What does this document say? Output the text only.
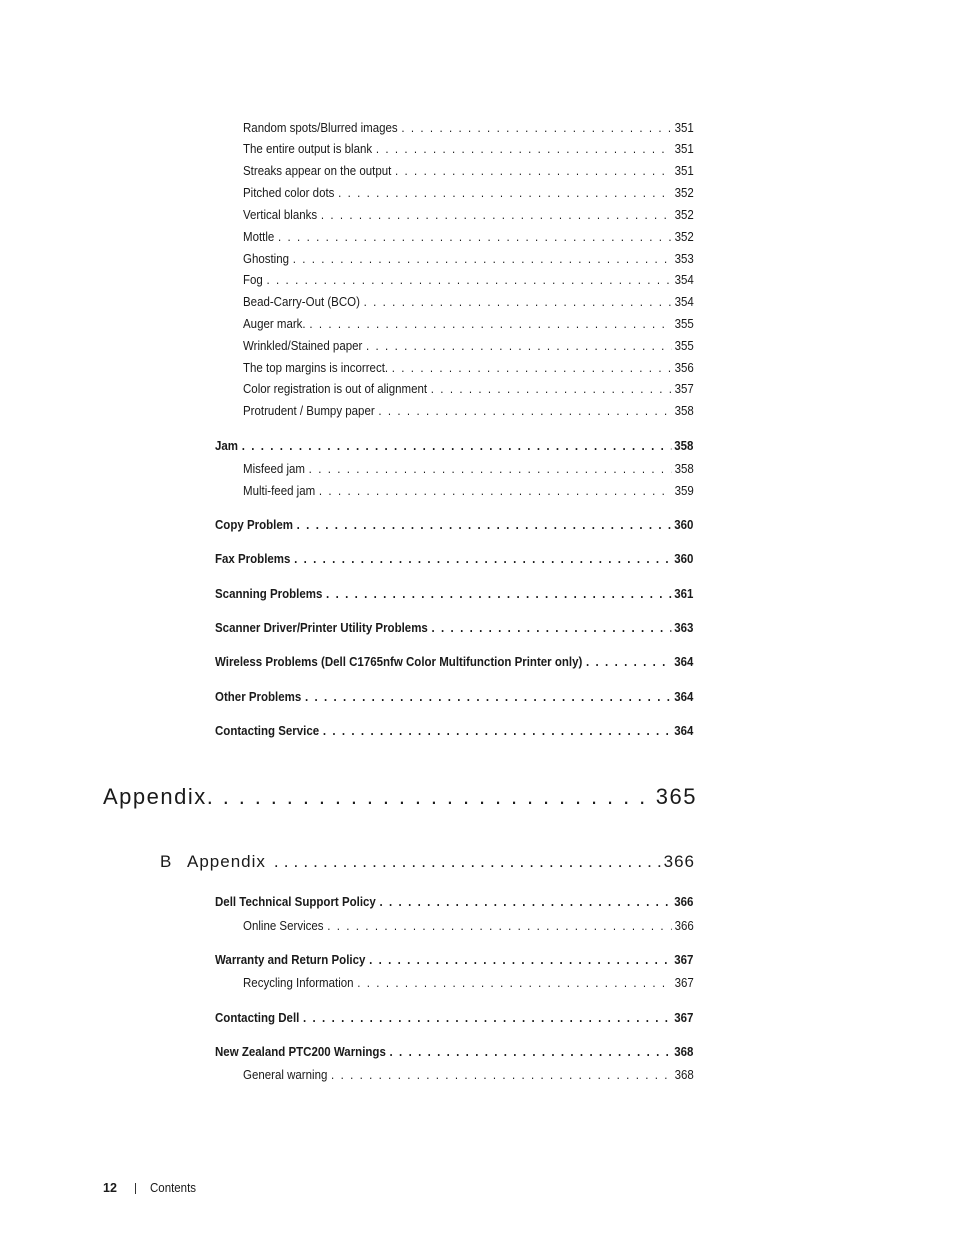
Random spots/Blurred images .....	351
The entire output is blank .....	351
Streaks appear on the output .....	351
Pitched color dots .....	352
Vertical blanks .....	352
Mottle .....	352
Ghosting .....	353
Fog .....	354
Bead-Carry-Out (BCO) .....	354
Auger mark. .....	355
Wrinkled/Stained paper .....	355
The top margins is incorrect. .....	356
Color registration is out of alignment .....	357
Protrudent / Bumpy paper .....	358
Jam .....	358
Misfeed jam .....	358
Multi-feed jam .....	359
Copy Problem .....	360
Fax Problems .....	360
Scanning Problems .....	361
Scanner Driver/Printer Utility Problems .....	363
Wireless Problems (Dell C1765nfw Color Multifunction Printer only) .....	364
Other Problems .....	364
Contacting Service .....	364
Appendix .....	365
B Appendix .....	366
Dell Technical Support Policy .....	366
Online Services .....	366
Warranty and Return Policy .....	367
Recycling Information .....	367
Contacting Dell .....	367
New Zealand PTC200 Warnings .....	368
General warning .....	368
12	Contents
